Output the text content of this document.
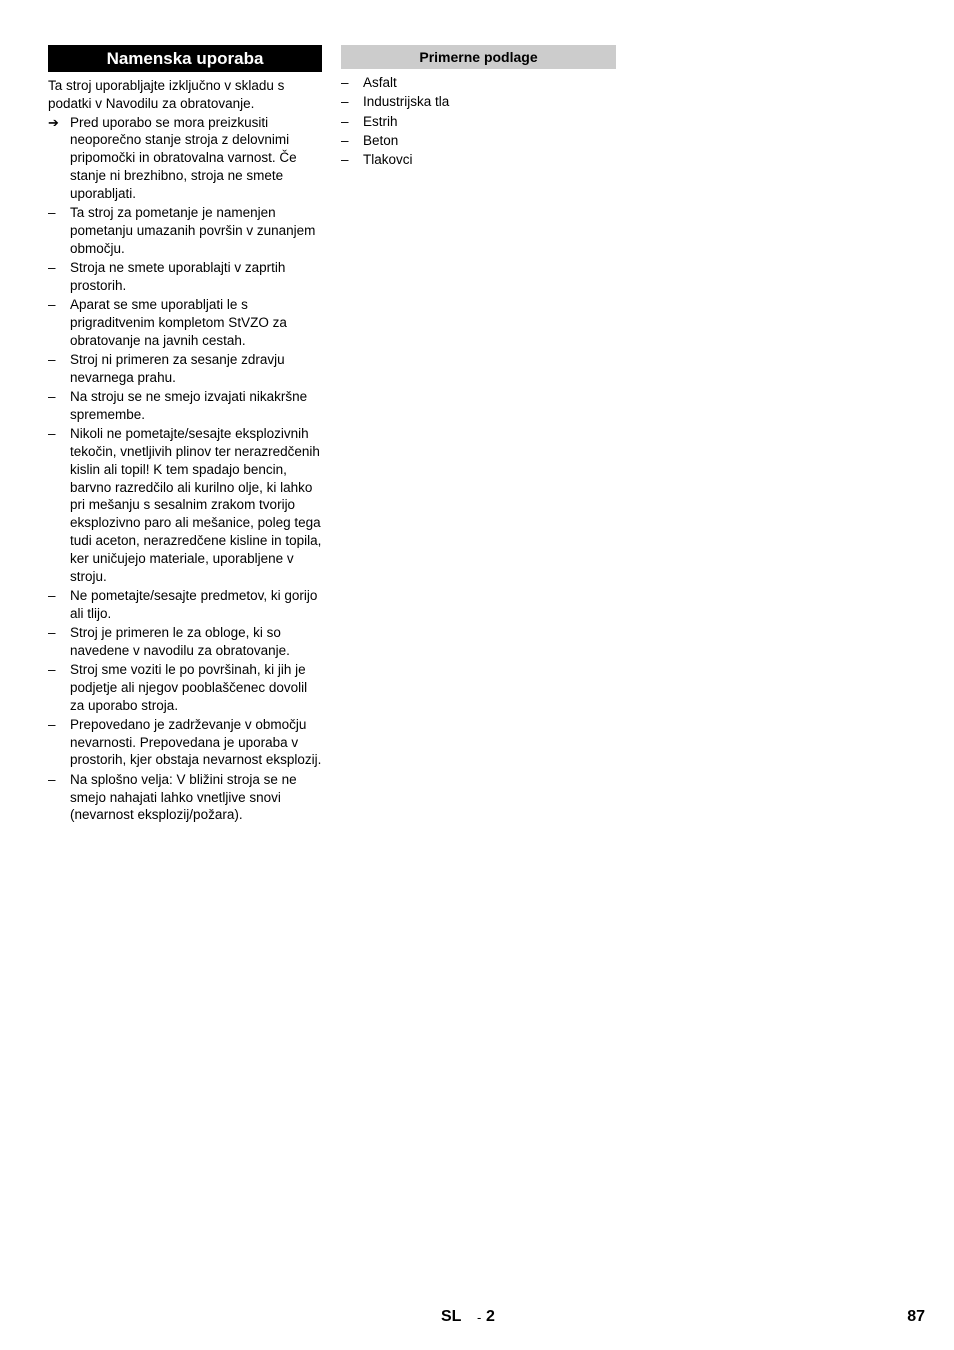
Namenska uporaba

Ta stroj uporabljajte izključno v skladu s podatki v Navodilu za obratovanje.

➔ Pred uporabo se mora preizkusiti neoporečno stanje stroja z delovnimi pripomočki in obratovalna varnost. Če stanje ni brezhibno, stroja ne smete uporabljati.
–	Ta stroj za pometanje je namenjen pometanju umazanih površin v zunanjem območju.
–	Stroja ne smete uporablajti v zaprtih prostorih.
–	Aparat se sme uporabljati le s prigraditvenim kompletom StVZO za obratovanje na javnih cestah.
–	Stroj ni primeren za sesanje zdravju nevarnega prahu.
–	Na stroju se ne smejo izvajati nikakršne spremembe.
–	Nikoli ne pometajte/sesajte eksplozivnih tekočin, vnetljivih plinov ter nerazredčenih kislin ali topil! K tem spadajo bencin, barvno razredčilo ali kurilno olje, ki lahko pri mešanju s sesalnim zrakom tvorijo eksplozivno paro ali mešanice, poleg tega tudi aceton, nerazredčene kisline in topila, ker uničujejo materiale, uporabljene v stroju.
–	Ne pometajte/sesajte predmetov, ki gorijo ali tlijo.
–	Stroj je primeren le za obloge, ki so navedene v navodilu za obratovanje.
–	Stroj sme voziti le po površinah, ki jih je podjetje ali njegov pooblaščenec dovolil za uporabo stroja.
–	Prepovedano je zadrževanje v območju nevarnosti. Prepovedana je uporaba v prostorih, kjer obstaja nevarnost eksplozij.
–	Na splošno velja: V bližini stroja se ne smejo nahajati lahko vnetljive snovi (nevarnost eksplozij/požara).
Primerne podlage
–	Asfalt
–	Industrijska tla
–	Estrih
–	Beton
–	Tlakovci
SL - 2	87
